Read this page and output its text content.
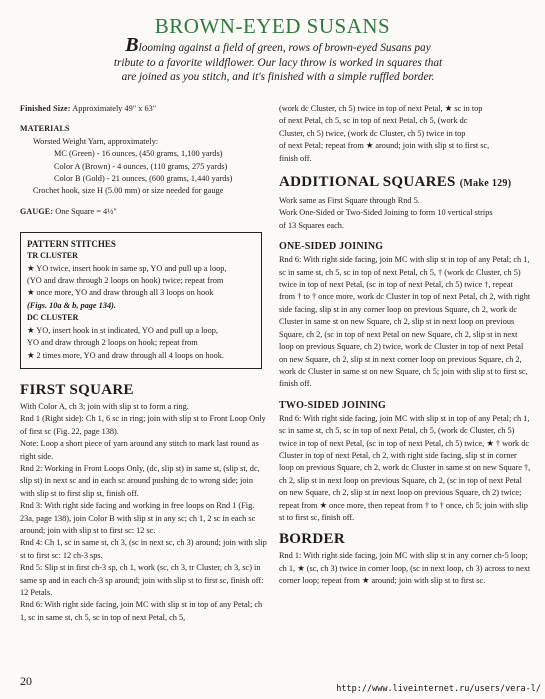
BROWN-EYED SUSANS
Blooming against a field of green, rows of brown-eyed Susans pay
tribute to a favorite wildflower. Our lacy throw is worked in squares that
are joined as you stitch, and it's finished with a simple ruffled border.

Finished Size: Approximately 49" x 63"

MATERIALS

Worsted Weight Yarn, approximately:

MC (Green) - 16 ounces, (450 grams, 1,100 yards)

Color A (Brown) - 4 ounces, (110 grams, 275 yards)

Color B (Gold) - 21 ounces, (600 grams, 1,440 yards)

Crochet hook, size H (5.00 mm) or size needed for gauge

GAUGE: One Square = 4½"

PATTERN STITCHES

TR CLUSTER

★ YO twice, insert hook in same sp, YO and pull up a loop,

(YO and draw through 2 loops on hook) twice; repeat from

★ once more, YO and draw through all 3 loops on hook

(Figs. 10a & b, page 134).

DC CLUSTER

★ YO, insert hook in st indicated, YO and pull up a loop,

YO and draw through 2 loops on hook; repeat from

★ 2 times more, YO and draw through all 4 loops on hook.

FIRST SQUARE

With Color A, ch 3; join with slip st to form a ring.

Rnd 1 (Right side): Ch 1, 6 sc in ring; join with slip st to Front Loop Only of first sc (Fig. 22, page 138).

Note: Loop a short piece of yarn around any stitch to mark last round as right side.

Rnd 2: Working in Front Loops Only, (dc, slip st) in same st, (slip st, dc, slip st) in next sc and in each sc around pushing dc to wrong side; join with slip st to first slip st, finish off.

Rnd 3: With right side facing and working in free loops on Rnd 1 (Fig. 23a, page 138), join Color B with slip st in any sc; ch 1, 2 sc in each sc around; join with slip st to first sc: 12 sc.

Rnd 4: Ch 1, sc in same st, ch 3, (sc in next sc, ch 3) around; join with slip st to first sc: 12 ch-3 sps.

Rnd 5: Slip st in first ch-3 sp, ch 1, work (sc, ch 3, tr Cluster, ch 3, sc) in same sp and in each ch-3 sp around; join with slip st to first sc, finish off: 12 Petals.

Rnd 6: With right side facing, join MC with slip st in top of any Petal; ch 1, sc in same st, ch 5, sc in top of next Petal, ch 5,

(work dc Cluster, ch 5) twice in top of next Petal, ★ sc in top

of next Petal, ch 5, sc in top of next Petal, ch 5, (work dc

Cluster, ch 5) twice, (work dc Cluster, ch 5) twice in top

of next Petal; repeat from ★ around; join with slip st to first sc,

finish off.

ADDITIONAL SQUARES (Make 129)

Work same as First Square through Rnd 5.

Work One-Sided or Two-Sided Joining to form 10 vertical strips

of 13 Squares each.

ONE-SIDED JOINING

Rnd 6: With right side facing, join MC with slip st in top of any Petal; ch 1, sc in same st, ch 5, sc in top of next Petal, ch 5, † (work dc Cluster, ch 5) twice in top of next Petal, (sc in top of next Petal, ch 5) twice †, repeat from † to † once more, work dc Cluster in top of next Petal, ch 2, with right side facing, slip st in any corner loop on previous Square, ch 2, work dc Cluster in same st on new Square, ch 2, slip st in next loop on previous Square, ch 2, (sc in top of next Petal on new Square, ch 2, slip st in next loop on previous Square, ch 2) twice, work dc Cluster in top of next Petal on new Square, ch 2, slip st in next corner loop on previous Square, ch 2, work dc Cluster in same st on new Square, ch 5; join with slip st to first sc, finish off.

TWO-SIDED JOINING

Rnd 6: With right side facing, join MC with slip st in top of any Petal; ch 1, sc in same st, ch 5, sc in top of next Petal, ch 5, (work dc Cluster, ch 5) twice in top of next Petal, (sc in top of next Petal, ch 5) twice, ★ † work dc Cluster in top of next Petal, ch 2, with right side facing, slip st in corner loop on previous Square, ch 2, work dc Cluster in same st on new Square †, ch 2, slip st in next loop on previous Square, ch 2, (sc in top of next Petal on new Square, ch 2, slip st in next loop on previous Square, ch 2) twice; repeat from ★ once more, then repeat from † to † once, ch 5; join with slip st to first sc, finish off.

BORDER

Rnd 1: With right side facing, join MC with slip st in any corner ch-5 loop; ch 1, ★ (sc, ch 3) twice in corner loop, (sc in next loop, ch 3) across to next corner loop; repeat from ★ around; join with slip st to first sc.

20
http://www.liveinternet.ru/users/vera-l/
